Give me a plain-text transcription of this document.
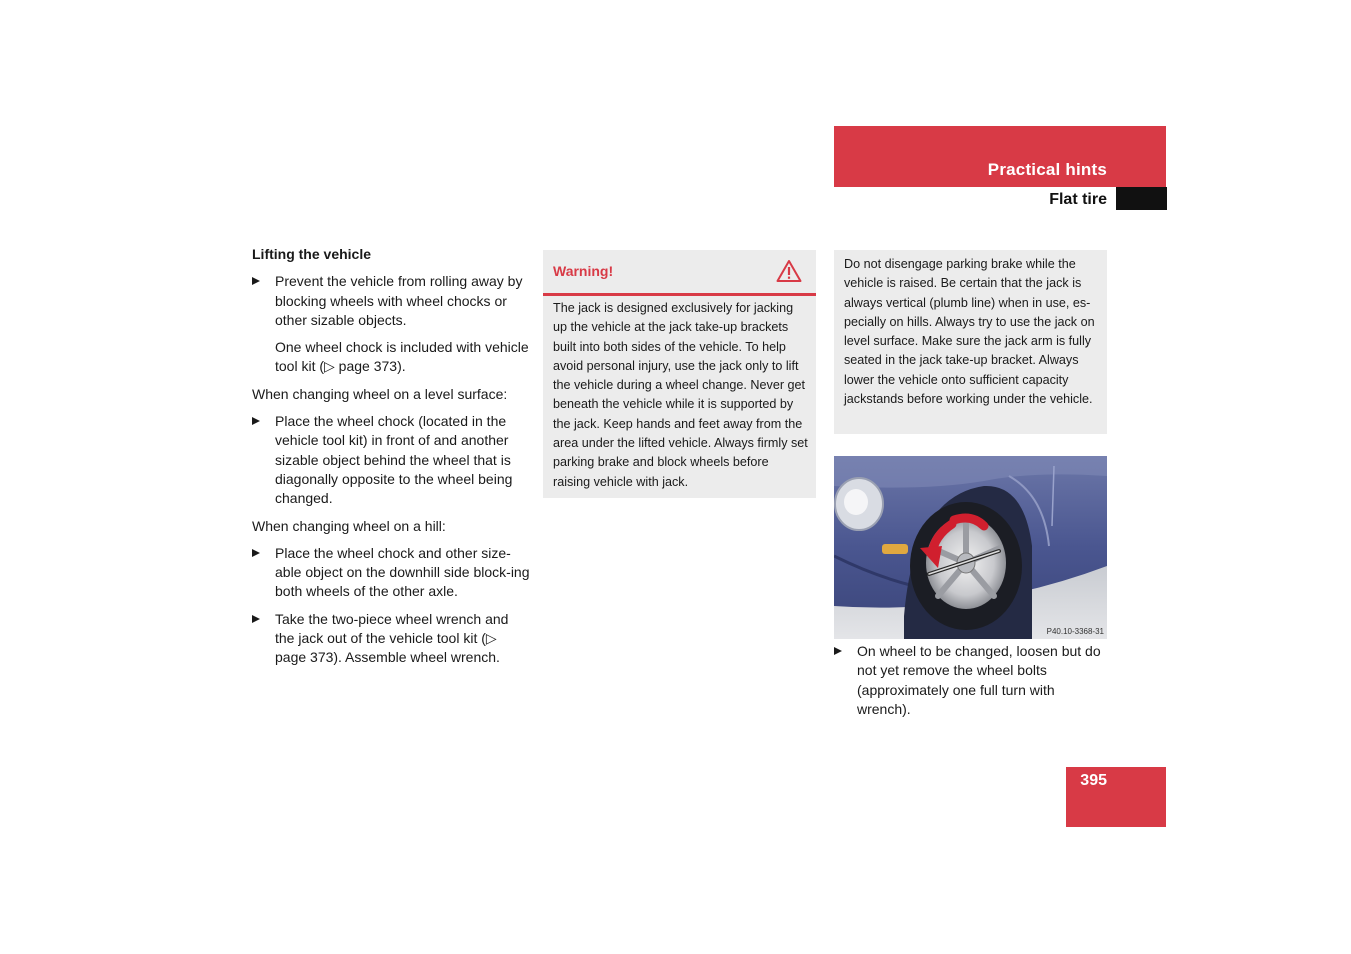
Practical hints
Flat tire

Lifting the vehicle

Prevent the vehicle from rolling away by blocking wheels with wheel chocks or other sizable objects.

One wheel chock is included with vehicle tool kit (▷ page 373).

When changing wheel on a level surface:

Place the wheel chock (located in the vehicle tool kit) in front of and another sizable object behind the wheel that is diagonally opposite to the wheel being changed.

When changing wheel on a hill:

Place the wheel chock and other size-able object on the downhill side block-ing both wheels of the other axle.
Take the two-piece wheel wrench and the jack out of the vehicle tool kit (▷ page 373). Assemble wheel wrench.
Warning!
The jack is designed exclusively for jacking up the vehicle at the jack take-up brackets built into both sides of the vehicle. To help avoid personal injury, use the jack only to lift the vehicle during a wheel change. Never get beneath the vehicle while it is supported by the jack. Keep hands and feet away from the area under the lifted vehicle. Always firmly set parking brake and block wheels before raising vehicle with jack.
Do not disengage parking brake while the vehicle is raised. Be certain that the jack is always vertical (plumb line) when in use, es-pecially on hills. Always try to use the jack on level surface. Make sure the jack arm is fully seated in the jack take-up bracket. Always lower the vehicle onto sufficient capacity jackstands before working under the vehicle.
P40.10-3368-31
On wheel to be changed, loosen but do not yet remove the wheel bolts (approximately one full turn with wrench).
395
